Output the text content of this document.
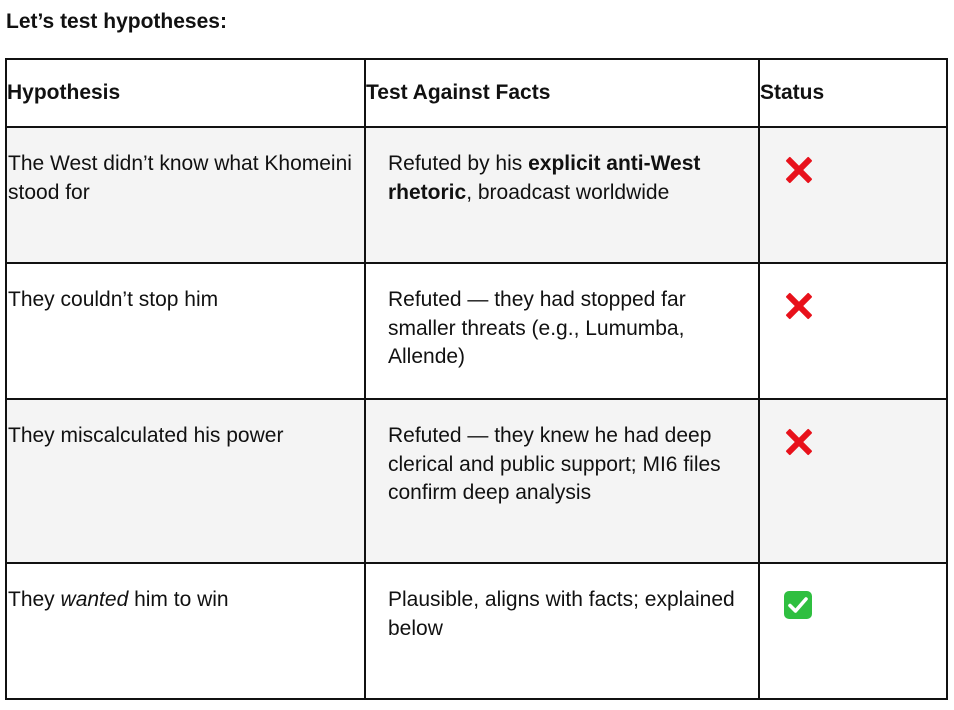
Let’s test hypotheses:
Hypothesis	Test Against Facts	Status

The West didn’t know what Khomeini stood for	Refuted by his explicit anti-West rhetoric, broadcast worldwide	

They couldn’t stop him	Refuted — they had stopped far smaller threats (e.g., Lumumba, Allende)	

They miscalculated his power	Refuted — they knew he had deep clerical and public support; MI6 files confirm deep analysis	

They wanted him to win	Plausible, aligns with facts; explained below
